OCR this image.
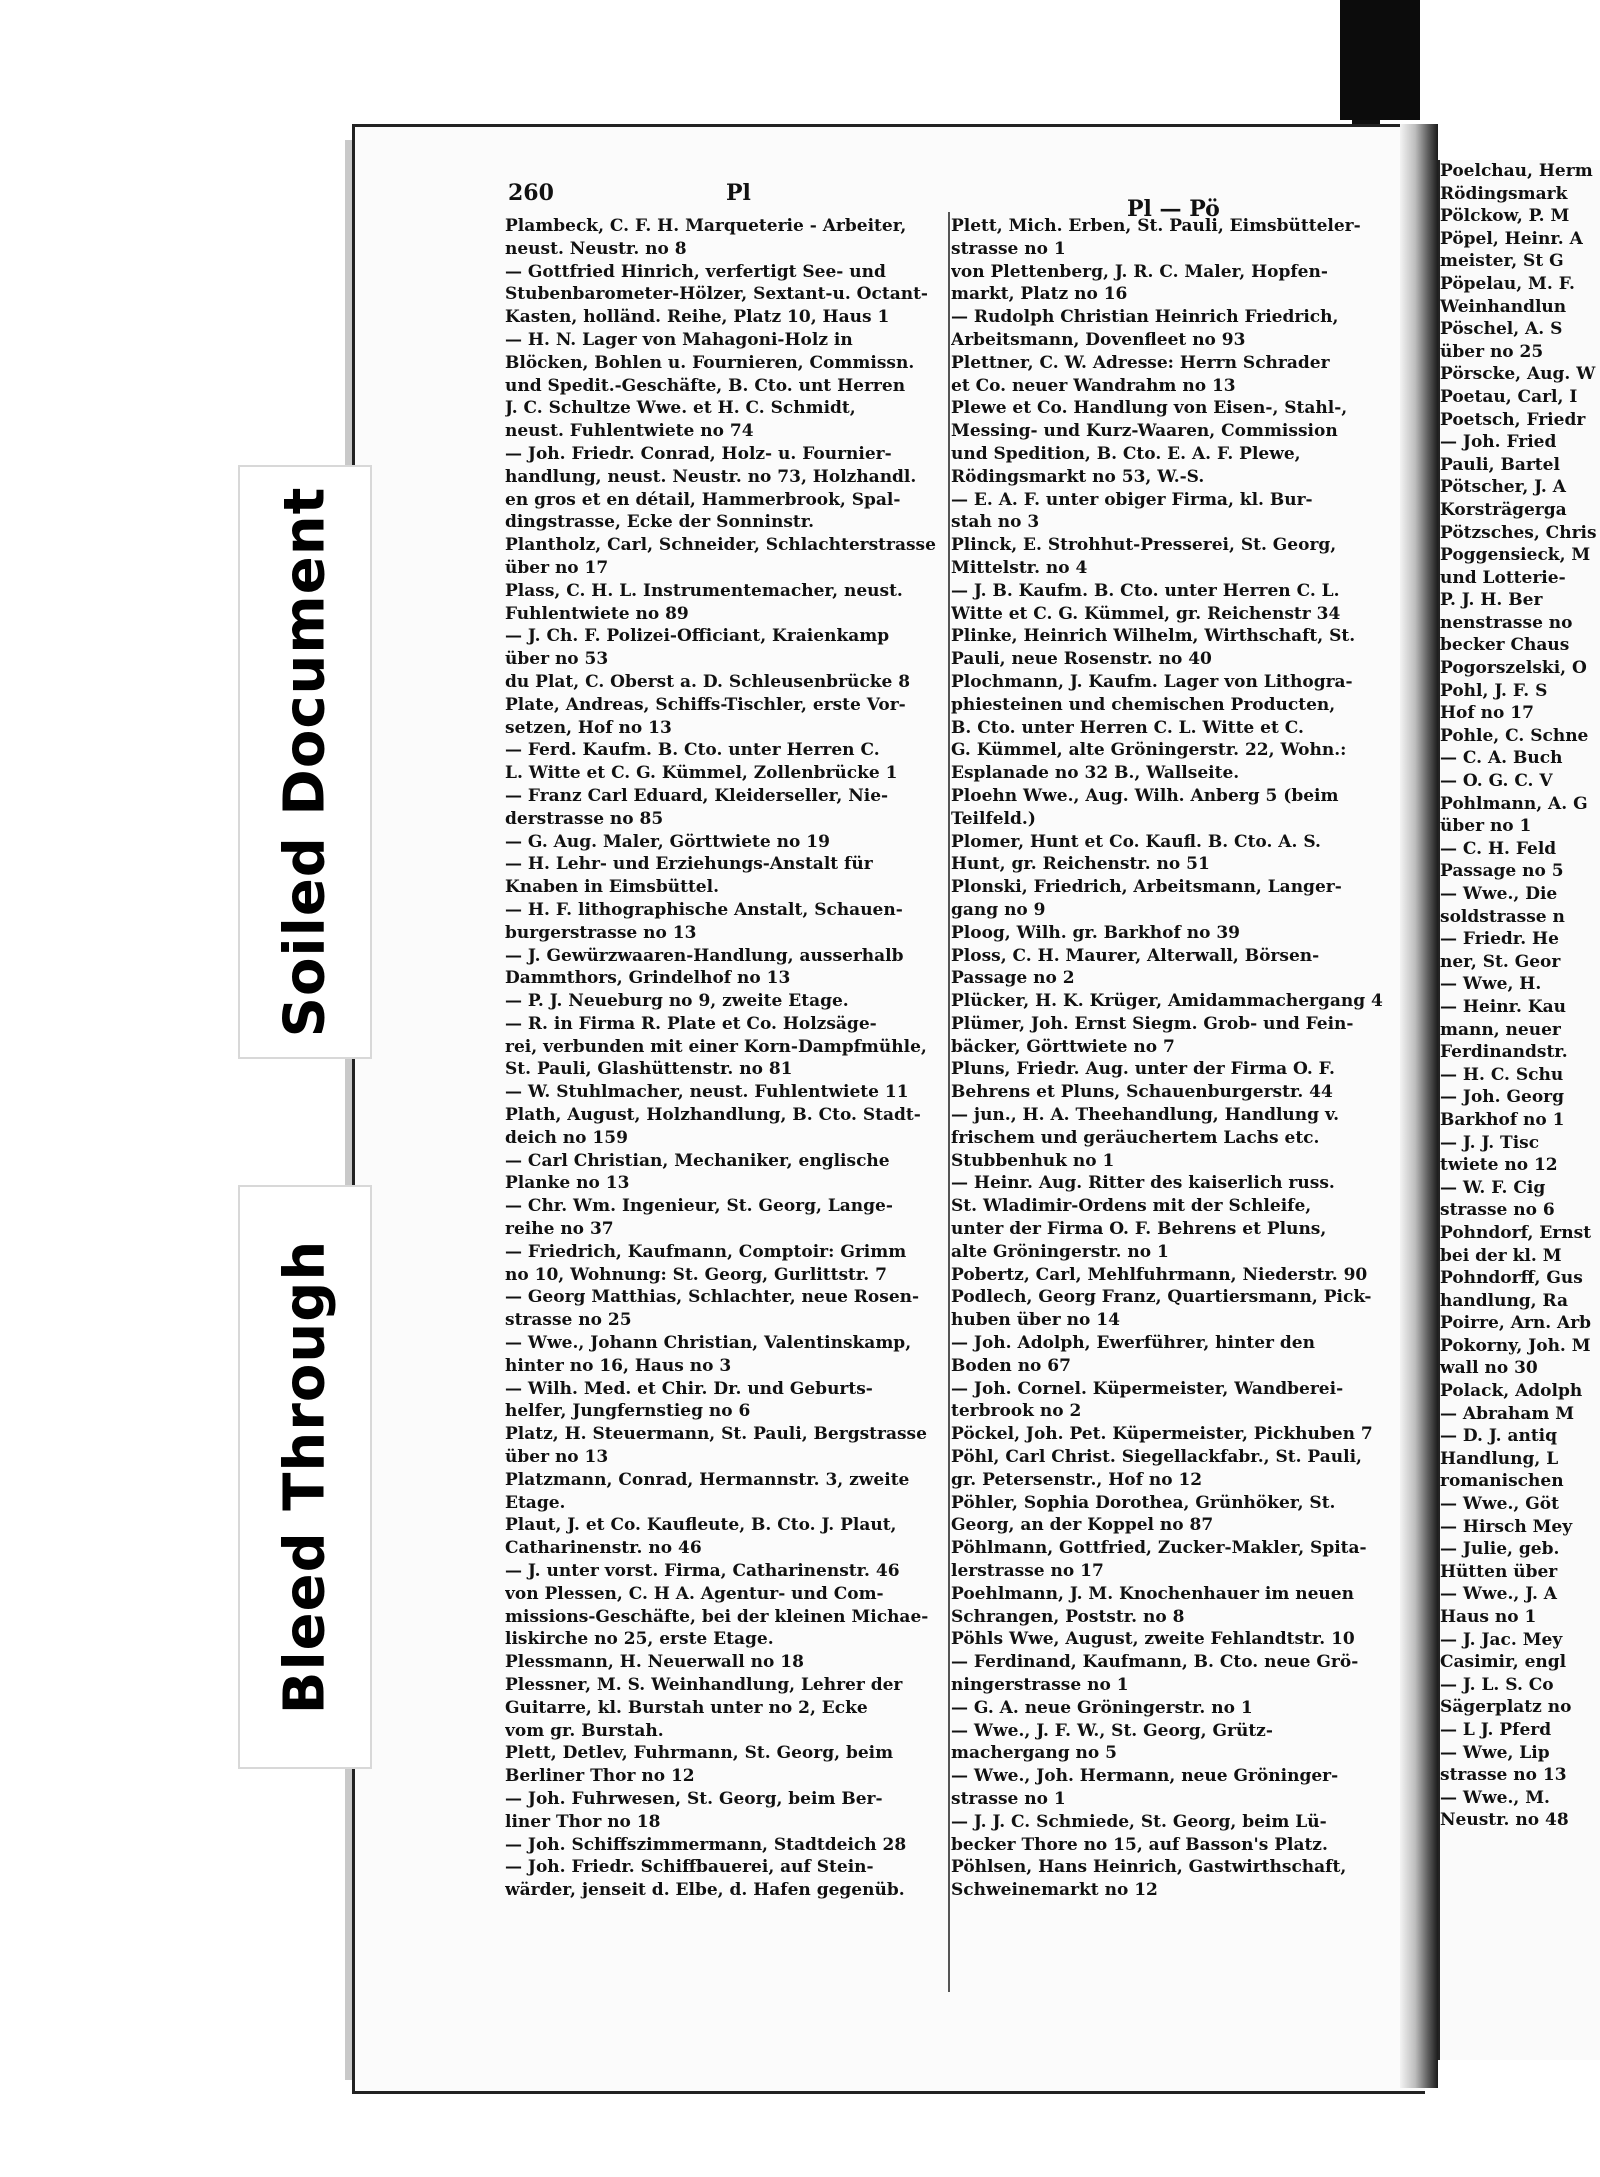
Poelchau, Herm
Rödingsmark
Pölckow, P. M
Pöpel, Heinr. A
meister, St G
Pöpelau, M. F.
Weinhandlun
Pöschel, A. S
über no 25
Pörscke, Aug. W
Poetau, Carl, I
Poetsch, Friedr
— Joh. Fried
Pauli, Bartel
Pötscher, J. A
Korsträgerga
Pötzsches, Chris
Poggensieck, M
und Lotterie-
P. J. H. Ber
nenstrasse no
becker Chaus
Pogorszelski, O
Pohl, J. F. S
Hof no 17
Pohle, C. Schne
— C. A. Buch
— O. G. C. V
Pohlmann, A. G
über no 1
— C. H. Feld
Passage no 5
— Wwe., Die
soldstrasse n
— Friedr. He
ner, St. Geor
— Wwe, H.
— Heinr. Kau
mann, neuer
Ferdinandstr.
— H. C. Schu
— Joh. Georg
Barkhof no 1
— J. J. Tisc
twiete no 12
— W. F. Cig
strasse no 6
Pohndorf, Ernst
bei der kl. M
Pohndorff, Gus
handlung, Ra
Poirre, Arn. Arb
Pokorny, Joh. M
wall no 30
Polack, Adolph
— Abraham M
— D. J. antiq
Handlung, L
romanischen
— Wwe., Göt
— Hirsch Mey
— Julie, geb.
Hütten über
— Wwe., J. A
Haus no 1
— J. Jac. Mey
Casimir, engl
— J. L. S. Co
Sägerplatz no
— L J. Pferd
— Wwe, Lip
strasse no 13
— Wwe., M.
Neustr. no 48
Soiled Document
Bleed Through
260	Pl
Pl — Pö
Plambeck, C. F. H. Marqueterie - Arbeiter,
neust. Neustr. no 8
— Gottfried Hinrich, verfertigt See- und
Stubenbarometer-Hölzer, Sextant-u. Octant-
Kasten, holländ. Reihe, Platz 10, Haus 1
— H. N. Lager von Mahagoni-Holz in
Blöcken, Bohlen u. Fournieren, Commissn.
und Spedit.-Geschäfte, B. Cto. unt Herren
J. C. Schultze Wwe. et H. C. Schmidt,
neust. Fuhlentwiete no 74
— Joh. Friedr. Conrad, Holz- u. Fournier-
handlung, neust. Neustr. no 73, Holzhandl.
en gros et en détail, Hammerbrook, Spal-
dingstrasse, Ecke der Sonninstr.
Plantholz, Carl, Schneider, Schlachterstrasse
über no 17
Plass, C. H. L. Instrumentemacher, neust.
Fuhlentwiete no 89
— J. Ch. F. Polizei-Officiant, Kraienkamp
über no 53
du Plat, C. Oberst a. D. Schleusenbrücke 8
Plate, Andreas, Schiffs-Tischler, erste Vor-
setzen, Hof no 13
— Ferd. Kaufm. B. Cto. unter Herren C.
L. Witte et C. G. Kümmel, Zollenbrücke 1
— Franz Carl Eduard, Kleiderseller, Nie-
derstrasse no 85
— G. Aug. Maler, Görttwiete no 19
— H. Lehr- und Erziehungs-Anstalt für
Knaben in Eimsbüttel.
— H. F. lithographische Anstalt, Schauen-
burgerstrasse no 13
— J. Gewürzwaaren-Handlung, ausserhalb
Dammthors, Grindelhof no 13
— P. J. Neueburg no 9, zweite Etage.
— R. in Firma R. Plate et Co. Holzsäge-
rei, verbunden mit einer Korn-Dampfmühle,
St. Pauli, Glashüttenstr. no 81
— W. Stuhlmacher, neust. Fuhlentwiete 11
Plath, August, Holzhandlung, B. Cto. Stadt-
deich no 159
— Carl Christian, Mechaniker, englische
Planke no 13
— Chr. Wm. Ingenieur, St. Georg, Lange-
reihe no 37
— Friedrich, Kaufmann, Comptoir: Grimm
no 10, Wohnung: St. Georg, Gurlittstr. 7
— Georg Matthias, Schlachter, neue Rosen-
strasse no 25
— Wwe., Johann Christian, Valentinskamp,
hinter no 16, Haus no 3
— Wilh. Med. et Chir. Dr. und Geburts-
helfer, Jungfernstieg no 6
Platz, H. Steuermann, St. Pauli, Bergstrasse
über no 13
Platzmann, Conrad, Hermannstr. 3, zweite
Etage.
Plaut, J. et Co. Kaufleute, B. Cto. J. Plaut,
Catharinenstr. no 46
— J. unter vorst. Firma, Catharinenstr. 46
von Plessen, C. H A. Agentur- und Com-
missions-Geschäfte, bei der kleinen Michae-
liskirche no 25, erste Etage.
Plessmann, H. Neuerwall no 18
Plessner, M. S. Weinhandlung, Lehrer der
Guitarre, kl. Burstah unter no 2, Ecke
vom gr. Burstah.
Plett, Detlev, Fuhrmann, St. Georg, beim
Berliner Thor no 12
— Joh. Fuhrwesen, St. Georg, beim Ber-
liner Thor no 18
— Joh. Schiffszimmermann, Stadtdeich 28
— Joh. Friedr. Schiffbauerei, auf Stein-
wärder, jenseit d. Elbe, d. Hafen gegenüb.
Plett, Mich. Erben, St. Pauli, Eimsbütteler-
strasse no 1
von Plettenberg, J. R. C. Maler, Hopfen-
markt, Platz no 16
— Rudolph Christian Heinrich Friedrich,
Arbeitsmann, Dovenfleet no 93
Plettner, C. W. Adresse: Herrn Schrader
et Co. neuer Wandrahm no 13
Plewe et Co. Handlung von Eisen-, Stahl-,
Messing- und Kurz-Waaren, Commission
und Spedition, B. Cto. E. A. F. Plewe,
Rödingsmarkt no 53, W.-S.
— E. A. F. unter obiger Firma, kl. Bur-
stah no 3
Plinck, E. Strohhut-Presserei, St. Georg,
Mittelstr. no 4
— J. B. Kaufm. B. Cto. unter Herren C. L.
Witte et C. G. Kümmel, gr. Reichenstr 34
Plinke, Heinrich Wilhelm, Wirthschaft, St.
Pauli, neue Rosenstr. no 40
Plochmann, J. Kaufm. Lager von Lithogra-
phiesteinen und chemischen Producten,
B. Cto. unter Herren C. L. Witte et C.
G. Kümmel, alte Gröningerstr. 22, Wohn.:
Esplanade no 32 B., Wallseite.
Ploehn Wwe., Aug. Wilh. Anberg 5 (beim
Teilfeld.)
Plomer, Hunt et Co. Kaufl. B. Cto. A. S.
Hunt, gr. Reichenstr. no 51
Plonski, Friedrich, Arbeitsmann, Langer-
gang no 9
Ploog, Wilh. gr. Barkhof no 39
Ploss, C. H. Maurer, Alterwall, Börsen-
Passage no 2
Plücker, H. K. Krüger, Amidammachergang 4
Plümer, Joh. Ernst Siegm. Grob- und Fein-
bäcker, Görttwiete no 7
Pluns, Friedr. Aug. unter der Firma O. F.
Behrens et Pluns, Schauenburgerstr. 44
— jun., H. A. Theehandlung, Handlung v.
frischem und geräuchertem Lachs etc.
Stubbenhuk no 1
— Heinr. Aug. Ritter des kaiserlich russ.
St. Wladimir-Ordens mit der Schleife,
unter der Firma O. F. Behrens et Pluns,
alte Gröningerstr. no 1
Pobertz, Carl, Mehlfuhrmann, Niederstr. 90
Podlech, Georg Franz, Quartiersmann, Pick-
huben über no 14
— Joh. Adolph, Ewerführer, hinter den
Boden no 67
— Joh. Cornel. Küpermeister, Wandberei-
terbrook no 2
Pöckel, Joh. Pet. Küpermeister, Pickhuben 7
Pöhl, Carl Christ. Siegellackfabr., St. Pauli,
gr. Petersenstr., Hof no 12
Pöhler, Sophia Dorothea, Grünhöker, St.
Georg, an der Koppel no 87
Pöhlmann, Gottfried, Zucker-Makler, Spita-
lerstrasse no 17
Poehlmann, J. M. Knochenhauer im neuen
Schrangen, Poststr. no 8
Pöhls Wwe, August, zweite Fehlandtstr. 10
— Ferdinand, Kaufmann, B. Cto. neue Grö-
ningerstrasse no 1
— G. A. neue Gröningerstr. no 1
— Wwe., J. F. W., St. Georg, Grütz-
machergang no 5
— Wwe., Joh. Hermann, neue Gröninger-
strasse no 1
— J. J. C. Schmiede, St. Georg, beim Lü-
becker Thore no 15, auf Basson's Platz.
Pöhlsen, Hans Heinrich, Gastwirthschaft,
Schweinemarkt no 12
